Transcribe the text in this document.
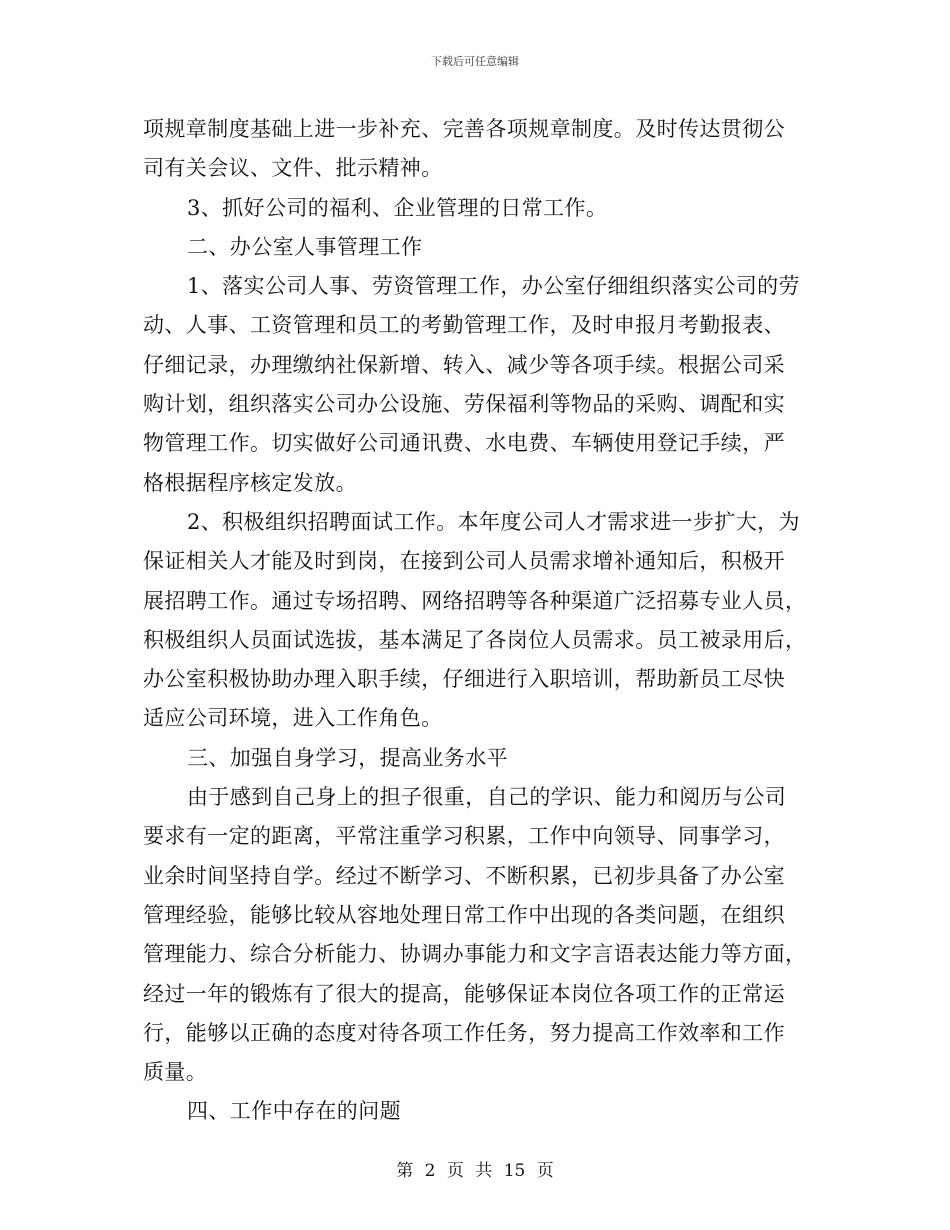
下载后可任意编辑
项规章制度基础上进一步补充、完善各项规章制度。及时传达贯彻公
司有关会议、文件、批示精神。
3、抓好公司的福利、企业管理的日常工作。
二、办公室人事管理工作
1、落实公司人事、劳资管理工作，办公室仔细组织落实公司的劳
动、人事、工资管理和员工的考勤管理工作，及时申报月考勤报表、
仔细记录，办理缴纳社保新增、转入、减少等各项手续。根据公司采
购计划，组织落实公司办公设施、劳保福利等物品的采购、调配和实
物管理工作。切实做好公司通讯费、水电费、车辆使用登记手续，严
格根据程序核定发放。
2、积极组织招聘面试工作。本年度公司人才需求进一步扩大，为
保证相关人才能及时到岗，在接到公司人员需求增补通知后，积极开
展招聘工作。通过专场招聘、网络招聘等各种渠道广泛招募专业人员，
积极组织人员面试选拔，基本满足了各岗位人员需求。员工被录用后，
办公室积极协助办理入职手续，仔细进行入职培训，帮助新员工尽快
适应公司环境，进入工作角色。
三、加强自身学习，提高业务水平
由于感到自己身上的担子很重，自己的学识、能力和阅历与公司
要求有一定的距离，平常注重学习积累，工作中向领导、同事学习，
业余时间坚持自学。经过不断学习、不断积累，已初步具备了办公室
管理经验，能够比较从容地处理日常工作中出现的各类问题，在组织
管理能力、综合分析能力、协调办事能力和文字言语表达能力等方面，
经过一年的锻炼有了很大的提高，能够保证本岗位各项工作的正常运
行，能够以正确的态度对待各项工作任务，努力提高工作效率和工作
质量。
四、工作中存在的问题
第 2 页 共 15 页
